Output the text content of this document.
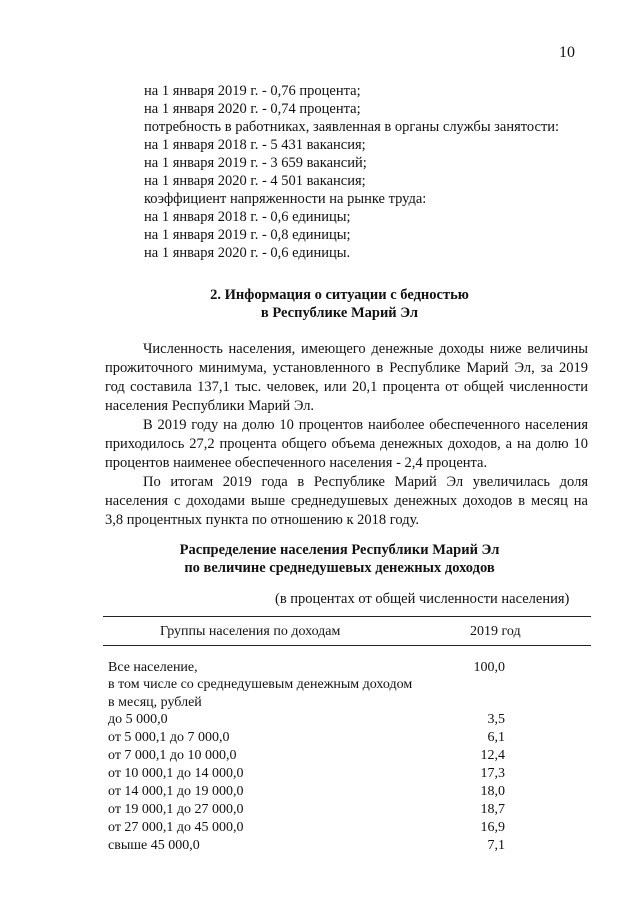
10
на 1 января 2019 г. - 0,76 процента;
на 1 января 2020 г. - 0,74 процента;
потребность в работниках, заявленная в органы службы занятости:
на 1 января 2018 г. - 5 431 вакансия;
на 1 января 2019 г. - 3 659 вакансий;
на 1 января 2020 г. - 4 501 вакансия;
коэффициент напряженности на рынке труда:
на 1 января 2018 г. - 0,6 единицы;
на 1 января 2019 г. - 0,8 единицы;
на 1 января 2020 г. - 0,6 единицы.
2. Информация о ситуации с бедностью
в Республике Марий Эл
Численность населения, имеющего денежные доходы ниже величины прожиточного минимума, установленного в Республике Марий Эл, за 2019 год составила 137,1 тыс. человек, или 20,1 процента от общей численности населения Республики Марий Эл.
В 2019 году на долю 10 процентов наиболее обеспеченного населения приходилось 27,2 процента общего объема денежных доходов, а на долю 10 процентов наименее обеспеченного населения - 2,4 процента.
По итогам 2019 года в Республике Марий Эл увеличилась доля населения с доходами выше среднедушевых денежных доходов в месяц на 3,8 процентных пункта по отношению к 2018 году.
Распределение населения Республики Марий Эл
по величине среднедушевых денежных доходов
(в процентах от общей численности населения)
Группы населения по доходам	2019 год
Все население,	100,0
в том числе со среднедушевым денежным доходом в месяц, рублей
до 5 000,0	3,5
от 5 000,1 до 7 000,0	6,1
от 7 000,1 до 10 000,0	12,4
от 10 000,1 до 14 000,0	17,3
от 14 000,1 до 19 000,0	18,0
от 19 000,1 до 27 000,0	18,7
от 27 000,1 до 45 000,0	16,9
свыше 45 000,0	7,1
